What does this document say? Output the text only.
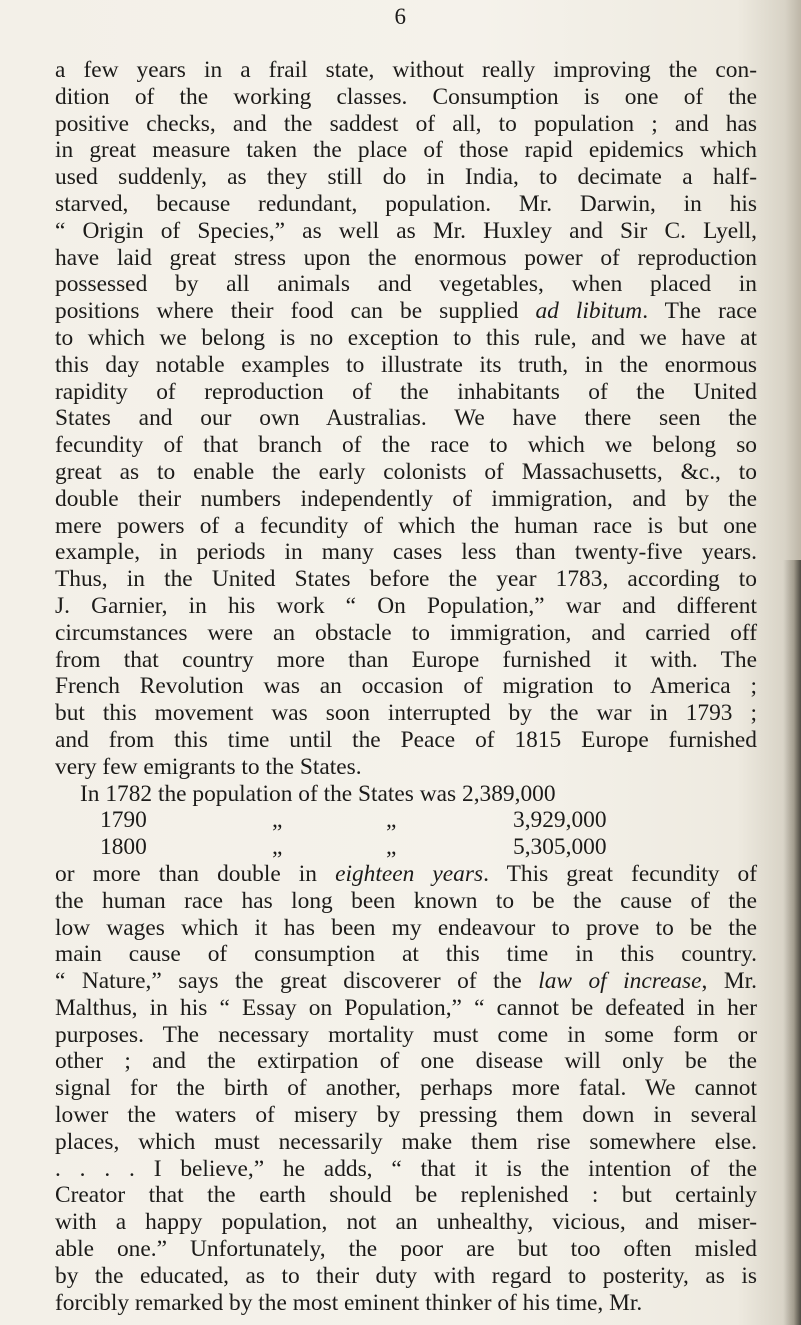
6
a few years in a frail state, without really improving the con-
dition of the working classes. Consumption is one of the
positive checks, and the saddest of all, to population ; and has
in great measure taken the place of those rapid epidemics which
used suddenly, as they still do in India, to decimate a half-
starved, because redundant, population. Mr. Darwin, in his
“ Origin of Species,” as well as Mr. Huxley and Sir C. Lyell,
have laid great stress upon the enormous power of reproduction
possessed by all animals and vegetables, when placed in
positions where their food can be supplied ad libitum. The race
to which we belong is no exception to this rule, and we have at
this day notable examples to illustrate its truth, in the enormous
rapidity of reproduction of the inhabitants of the United
States and our own Australias. We have there seen the
fecundity of that branch of the race to which we belong so
great as to enable the early colonists of Massachusetts, &c., to
double their numbers independently of immigration, and by the
mere powers of a fecundity of which the human race is but one
example, in periods in many cases less than twenty-five years.
Thus, in the United States before the year 1783, according to
J. Garnier, in his work “ On Population,” war and different
circumstances were an obstacle to immigration, and carried off
from that country more than Europe furnished it with. The
French Revolution was an occasion of migration to America ;
but this movement was soon interrupted by the war in 1793 ;
and from this time until the Peace of 1815 Europe furnished
very few emigrants to the States.
In 1782 the population of the States was 2,389,000
1790	„	„	3,929,000
1800	„	„	5,305,000
or more than double in eighteen years. This great fecundity of
the human race has long been known to be the cause of the
low wages which it has been my endeavour to prove to be the
main cause of consumption at this time in this country.
“ Nature,” says the great discoverer of the law of increase, Mr.
Malthus, in his “ Essay on Population,” “ cannot be defeated in her
purposes. The necessary mortality must come in some form or
other ; and the extirpation of one disease will only be the
signal for the birth of another, perhaps more fatal. We cannot
lower the waters of misery by pressing them down in several
places, which must necessarily make them rise somewhere else.
. . . . I believe,” he adds, “ that it is the intention of the
Creator that the earth should be replenished : but certainly
with a happy population, not an unhealthy, vicious, and miser-
able one.” Unfortunately, the poor are but too often misled
by the educated, as to their duty with regard to posterity, as is
forcibly remarked by the most eminent thinker of his time, Mr.
